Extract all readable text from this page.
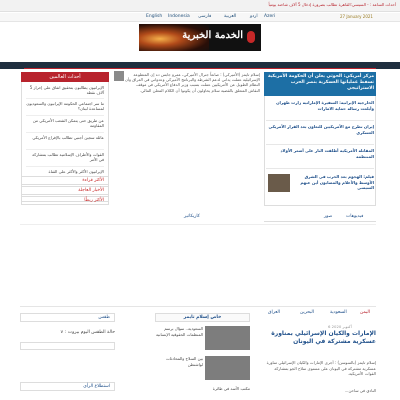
أحداث الساعة : - السيسي:القاهرة تطالب بضرورة إدخال 5 آلاف شاحنة يومياً
English Indonesia فارسی	العربية	اردو Azeri	27 January 2021
الخدمة الخبرية
أحداث العالمين
الإيرانيون يطالبون بتحقيق اتفاق على إحراز 5 آلاف نقطة
ما سر اجتماعي الحكومة الإيرانيون والسعوديون لمساعدة لبنان؟
عن طريق حتى يتمكن الشعب الأمريكي من المقاومة
عائلة سجين أجنبي تطالب بالإفراج الأمريكي
القوات والأطراف الإسلامية تطالب بمشاركة في الأمر
الإيرانيون الأكثر والأكثر على القناة
الأكثر قراءة
الأخبار العاجلة
الأكثر ربطًا
إسلام تايمز (الأميركي) : صانعاً جنرال الأميركي، عمرو جابس ده إن المتطوعة الإسرائيلية عملت يداني لدعم الشرطة والبرنامج الأميركي وعدواني في العراق وأن النظام الطويل عن الأمريكيين عملت بسبب وزير الدفاع الأمريكي في موقف النقاش المتعلق بالقضية سلام يحاولون أن يكونوا أن الكلام المعلن المالي.
مركز أمريكي: الحوثي يعلن أن الحكومة الأمريكية تسقط عملياتها العسكرية بنصر الحرب الاستراتيجي
الخارجية الإيرانية: السفيرة الإماراتية زارت طهران وأبلغت رسالة حماية الامارات
إيران تطرح مع الأمريكيين للتعاون بعد القرار الأمريكي العسكري
المقاتلة الأمريكية أطلقت النار على أصغر الأولاد المنتظمة
فيلم: الهجوم بعد الحرب في الشرق الأوسط والأعلام والمصابون أين عنهم السيسي
فيديوهات
صور
كاريكاتير
اليمن
السعودية
البحرين
العراق
6 أكتوبر 2020
الإمارات والكيان الإسرائيلي بمناورة عسكرية مشتركة في اليونان
إسلام تايمز (بالسوسن) : أجرى الإمارات والكيان الإسرائيلي مناورة عسكرية مشتركة في اليونان على مستوى سلاح الجو بمشاركة القوات الأمريكية.
النادي في ساحن...
خاص إسلام تايمز
السعودية.. سؤال برسم المنظمات الحقوقية الإنسانية
بين السلاح والمحادثات لواشنطن
مكتب الأسد في طائرة
طقس
حالة الطقس اليوم بيروت : ∨
استطلاع الرأي
